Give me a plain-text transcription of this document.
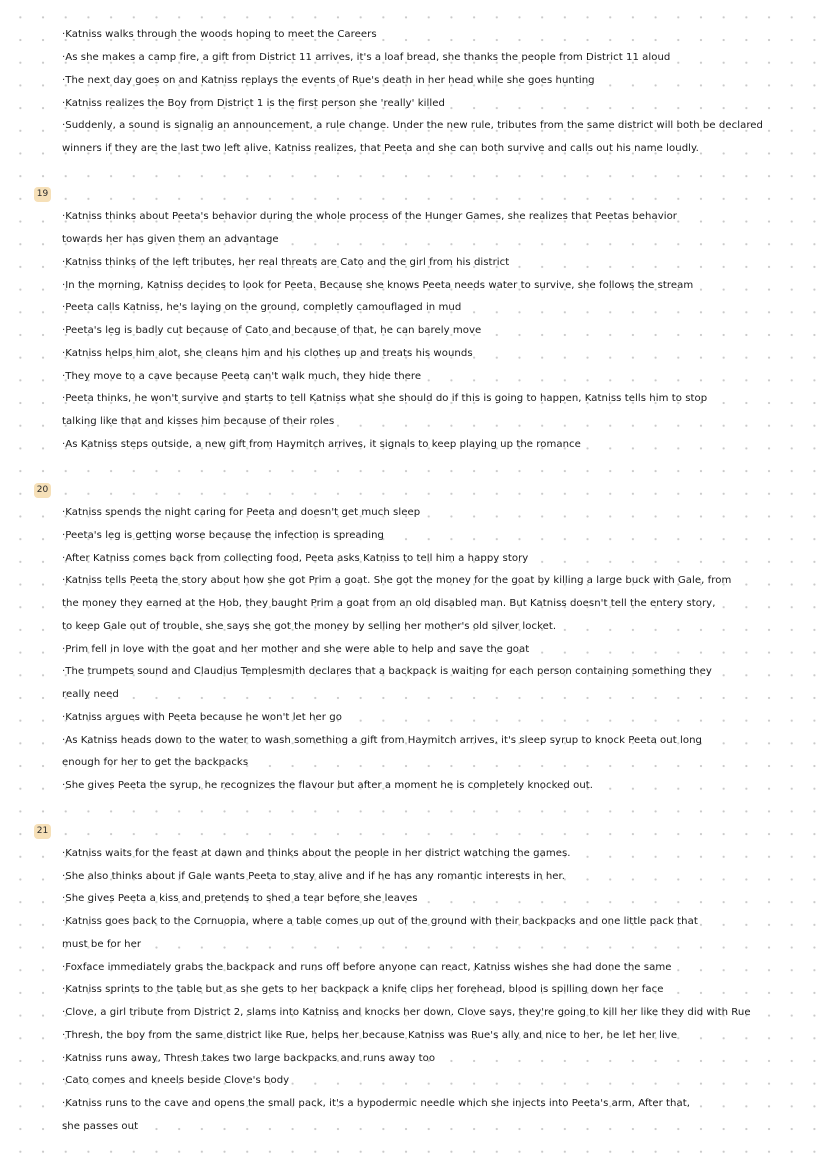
·Katniss walks through the woods hoping to meet the Careers
·As she makes a camp fire, a gift from District 11 arrives, it's a loaf bread, she thanks the people from District 11 aloud
·The next day goes on and Katniss replays the events of Rue's death in her head while she goes hunting
·Katniss realizes the Boy from District 1 is the first person she 'really' killed
·Suddenly, a sound is signalig an announcement, a rule change. Under the new rule, tributes from the same district will both be declared
winners if they are the last two left alive. Katniss realizes, that Peeta and she can both survive and calls out his name loudly.
19
·Katniss thinks about Peeta's behavior during the whole process of the Hunger Games, she realizes that Peetas behavior
towards her has given them an advantage
·Katniss thinks of the left tributes, her real threats are Cato and the girl from his district
·In the morning, Katniss decides to look for Peeta. Because she knows Peeta needs water to survive, she follows the stream
·Peeta calls Katniss, he's laying on the ground, completly camouflaged in mud
·Peeta's leg is badly cut because of Cato and because of that, he can barely move
·Katniss helps him alot, she cleans him and his clothes up and treats his wounds
·They move to a cave because Peeta can't walk much, they hide there
·Peeta thinks, he won't survive and starts to tell Katniss what she should do if this is going to happen, Katniss tells him to stop
talking like that and kisses him because of their roles
·As Katniss steps outside, a new gift from Haymitch arrives, it signals to keep playing up the romance
20
·Katniss spends the night caring for Peeta and doesn't get much sleep
·Peeta's leg is getting worse because the infection is spreading
·After Katniss comes back from collecting food, Peeta asks Katniss to tell him a happy story
·Katniss tells Peeta the story about how she got Prim a goat. She got the money for the goat by killing a large buck with Gale, from
the money they earned at the Hob, they baught Prim a goat from an old disabled man. But Katniss doesn't tell the entery story,
to keep Gale out of trouble, she says she got the money by selling her mother's old silver locket.
·Prim fell in love with the goat and her mother and she were able to help and save the goat
·The trumpets sound and Claudius Templesmith declares that a backpack is waiting for each person containing something they
really need
·Katniss argues with Peeta because he won't let her go
·As Katniss heads down to the water to wash something a gift from Haymitch arrives, it's sleep syrup to knock Peeta out long
enough for her to get the backpacks
·She gives Peeta the syrup, he recognizes the flavour but after a moment he is completely knocked out.
21
·Katniss waits for the feast at dawn and thinks about the people in her district watching the games.
·She also thinks about if Gale wants Peeta to stay alive and if he has any romantic interests in her.
·She gives Peeta a kiss and pretends to shed a tear before she leaves
·Katniss goes back to the Cornuopia, where a table comes up out of the ground with their backpacks and one little pack that
must be for her
·Foxface immediately grabs the backpack and runs off before anyone can react, Katniss wishes she had done the same
·Katniss sprints to the table but as she gets to her backpack a knife clips her forehead, blood is spilling down her face
·Clove, a girl tribute from District 2, slams into Katniss and knocks her down. Clove says, they're going to kill her like they did with Rue
·Thresh, the boy from the same district like Rue, helps her because Katniss was Rue's ally and nice to her, he let her live
·Katniss runs away, Thresh takes two large backpacks and runs away too
·Cato comes and kneels beside Clove's body
·Katniss runs to the cave and opens the small pack, it's a hypodermic needle which she injects into Peeta's arm. After that,
she passes out
